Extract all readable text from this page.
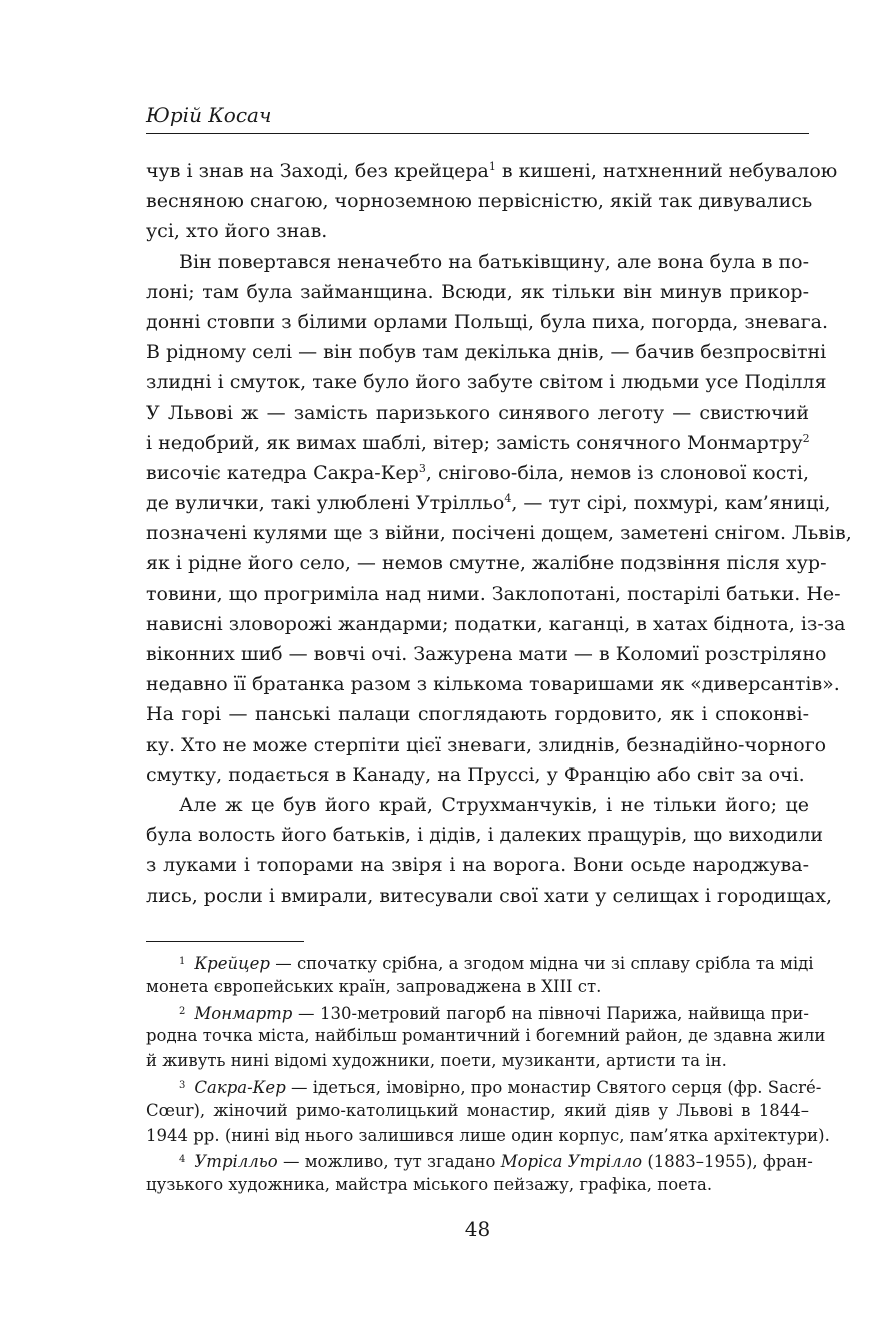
Юрій Косач
чув і знав на Заході, без крейцера$^1$ в кишені, натхненний небувалою
весняною снагою, чорноземною первісністю, якій так дивувались
усі, хто його знав.
Він повертався неначебто на батьківщину, але вона була в по-
лоні; там була займанщина. Всюди, як тільки він минув прикор-
донні стовпи з білими орлами Польщі, була пиха, погорда, зневага.
В рідному селі — він побув там декілька днів, — бачив безпросвітні
злидні і смуток, таке було його забуте світом і людьми усе Поділля
У Львові ж — замість паризького синявого леготу — свистючий
і недобрий, як вимах шаблі, вітер; замість сонячного Монмартру$^2$
височіє катедра Сакра-Кер$^3$, снігово-біла, немов із слонової кості,
де вулички, такі улюблені Утрілльо$^4$, — тут сірі, похмурі, кам’яниці,
позначені кулями ще з війни, посічені дощем, заметені снігом. Львів,
як і рідне його село, — немов смутне, жалібне подзвіння після хур-
товини, що прогриміла над ними. Заклопотані, постарілі батьки. Не-
нависні зловорожі жандарми; податки, каганці, в хатах біднота, із-за
віконних шиб — вовчі очі. Зажурена мати — в Коломиї розстріляно
недавно її братанка разом з кількома товаришами як «диверсантів».
На горі — панські палаци споглядають гордовито, як і споконві-
ку. Хто не може стерпіти цієї зневаги, злиднів, безнадійно-чорного
смутку, подається в Канаду, на Пруссі, у Францію або світ за очі.
Але ж це був його край, Струхманчуків, і не тільки його; це
була волость його батьків, і дідів, і далеких пращурів, що виходили
з луками і топорами на звіря і на ворога. Вони осьде народжува-
лись, росли і вмирали, витесували свої хати у селищах і городищах,
$^1$ Крейцер — спочатку срібна, а згодом мідна чи зі сплаву срібла та міді
монета європейських країн, запроваджена в XIII ст.
$^2$ Монмартр — 130-метровий пагорб на півночі Парижа, найвища при-
родна точка міста, найбільш романтичний і богемний район, де здавна жили
й живуть нині відомі художники, поети, музиканти, артисти та ін.
$^3$ Сакра-Кер — ідеться, імовірно, про монастир Святого серця (фр. Sacré-
Cœur), жіночий римо-католицький монастир, який діяв у Львові в 1844–
1944 рр. (нині від нього залишився лише один корпус, пам’ятка архітектури).
$^4$ Утрілльо — можливо, тут згадано Моріса Утрілло (1883–1955), фран-
цузького художника, майстра міського пейзажу, графіка, поета.
48
